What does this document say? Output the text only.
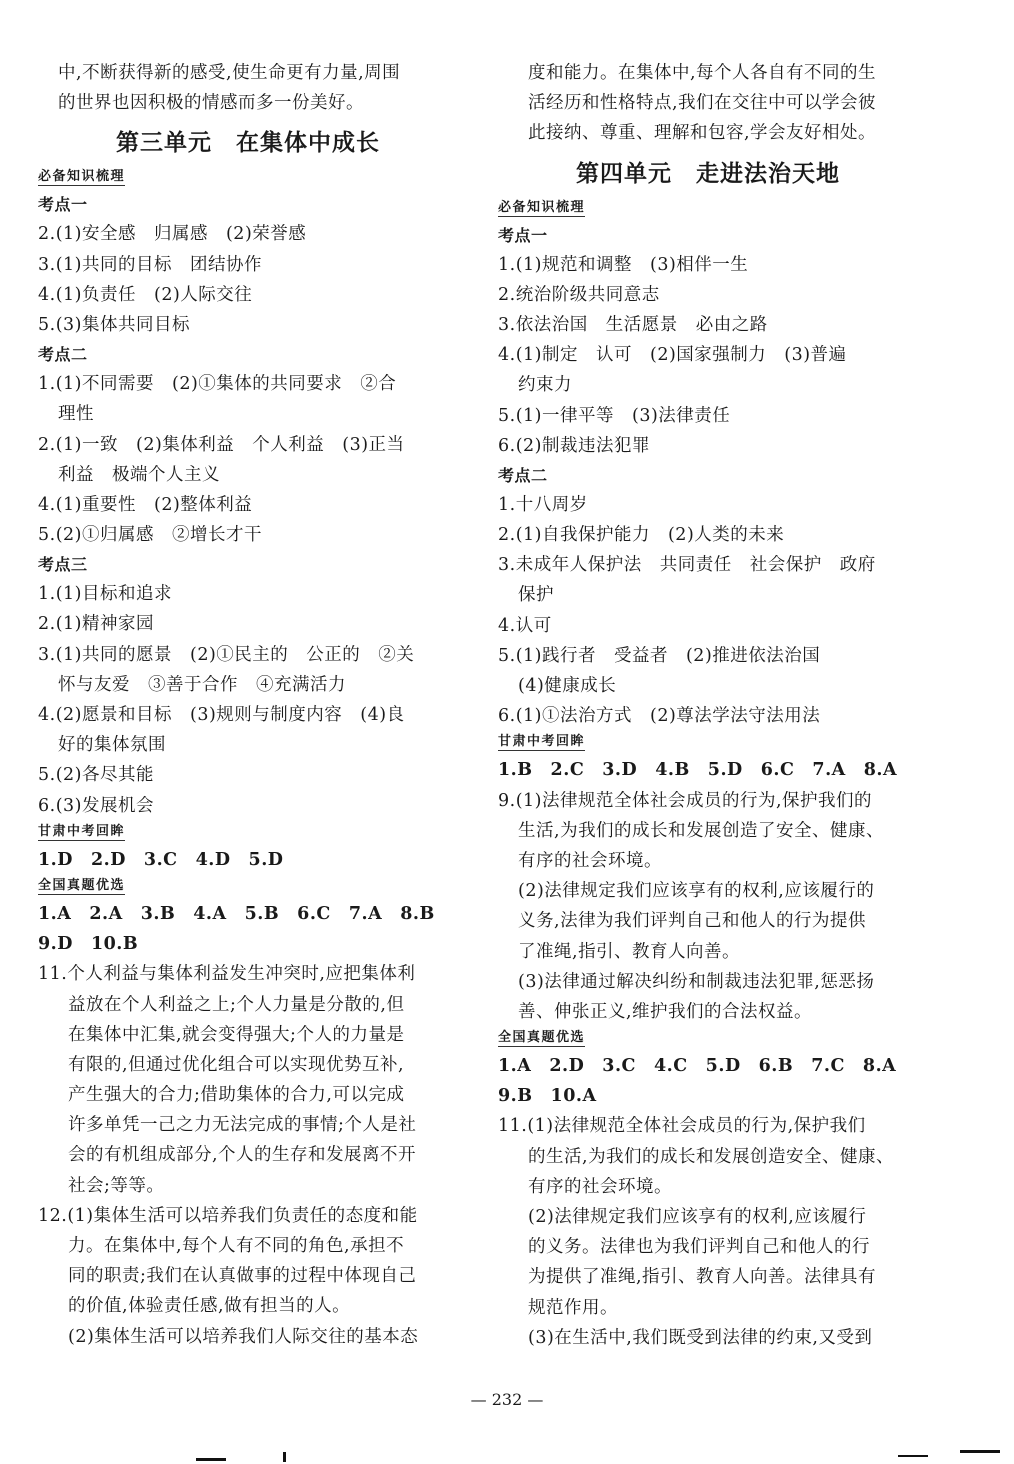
中,不断获得新的感受,使生命更有力量,周围
的世界也因积极的情感而多一份美好。
第三单元　在集体中成长
必备知识梳理
考点一
2.(1)安全感　归属感　(2)荣誉感
3.(1)共同的目标　团结协作
4.(1)负责任　(2)人际交往
5.(3)集体共同目标
考点二
1.(1)不同需要　(2)①集体的共同要求　②合
理性
2.(1)一致　(2)集体利益　个人利益　(3)正当
利益　极端个人主义
4.(1)重要性　(2)整体利益
5.(2)①归属感　②增长才干
考点三
1.(1)目标和追求
2.(1)精神家园
3.(1)共同的愿景　(2)①民主的　公正的　②关
怀与友爱　③善于合作　④充满活力
4.(2)愿景和目标　(3)规则与制度内容　(4)良
好的集体氛围
5.(2)各尽其能
6.(3)发展机会
甘肃中考回眸
1.D　2.D　3.C　4.D　5.D
全国真题优选
1.A　2.A　3.B　4.A　5.B　6.C　7.A　8.B
9.D　10.B
11.个人利益与集体利益发生冲突时,应把集体利
益放在个人利益之上;个人力量是分散的,但
在集体中汇集,就会变得强大;个人的力量是
有限的,但通过优化组合可以实现优势互补,
产生强大的合力;借助集体的合力,可以完成
许多单凭一己之力无法完成的事情;个人是社
会的有机组成部分,个人的生存和发展离不开
社会;等等。
12.(1)集体生活可以培养我们负责任的态度和能
力。在集体中,每个人有不同的角色,承担不
同的职责;我们在认真做事的过程中体现自己
的价值,体验责任感,做有担当的人。
(2)集体生活可以培养我们人际交往的基本态
度和能力。在集体中,每个人各自有不同的生
活经历和性格特点,我们在交往中可以学会彼
此接纳、尊重、理解和包容,学会友好相处。
第四单元　走进法治天地
必备知识梳理
考点一
1.(1)规范和调整　(3)相伴一生
2.统治阶级共同意志
3.依法治国　生活愿景　必由之路
4.(1)制定　认可　(2)国家强制力　(3)普遍
约束力
5.(1)一律平等　(3)法律责任
6.(2)制裁违法犯罪
考点二
1.十八周岁
2.(1)自我保护能力　(2)人类的未来
3.未成年人保护法　共同责任　社会保护　政府
保护
4.认可
5.(1)践行者　受益者　(2)推进依法治国
(4)健康成长
6.(1)①法治方式　(2)尊法学法守法用法
甘肃中考回眸
1.B　2.C　3.D　4.B　5.D　6.C　7.A　8.A
9.(1)法律规范全体社会成员的行为,保护我们的
生活,为我们的成长和发展创造了安全、健康、
有序的社会环境。
(2)法律规定我们应该享有的权利,应该履行的
义务,法律为我们评判自己和他人的行为提供
了准绳,指引、教育人向善。
(3)法律通过解决纠纷和制裁违法犯罪,惩恶扬
善、伸张正义,维护我们的合法权益。
全国真题优选
1.A　2.D　3.C　4.C　5.D　6.B　7.C　8.A
9.B　10.A
11.(1)法律规范全体社会成员的行为,保护我们
的生活,为我们的成长和发展创造安全、健康、
有序的社会环境。
(2)法律规定我们应该享有的权利,应该履行
的义务。法律也为我们评判自己和他人的行
为提供了准绳,指引、教育人向善。法律具有
规范作用。
(3)在生活中,我们既受到法律的约束,又受到
— 232 —
